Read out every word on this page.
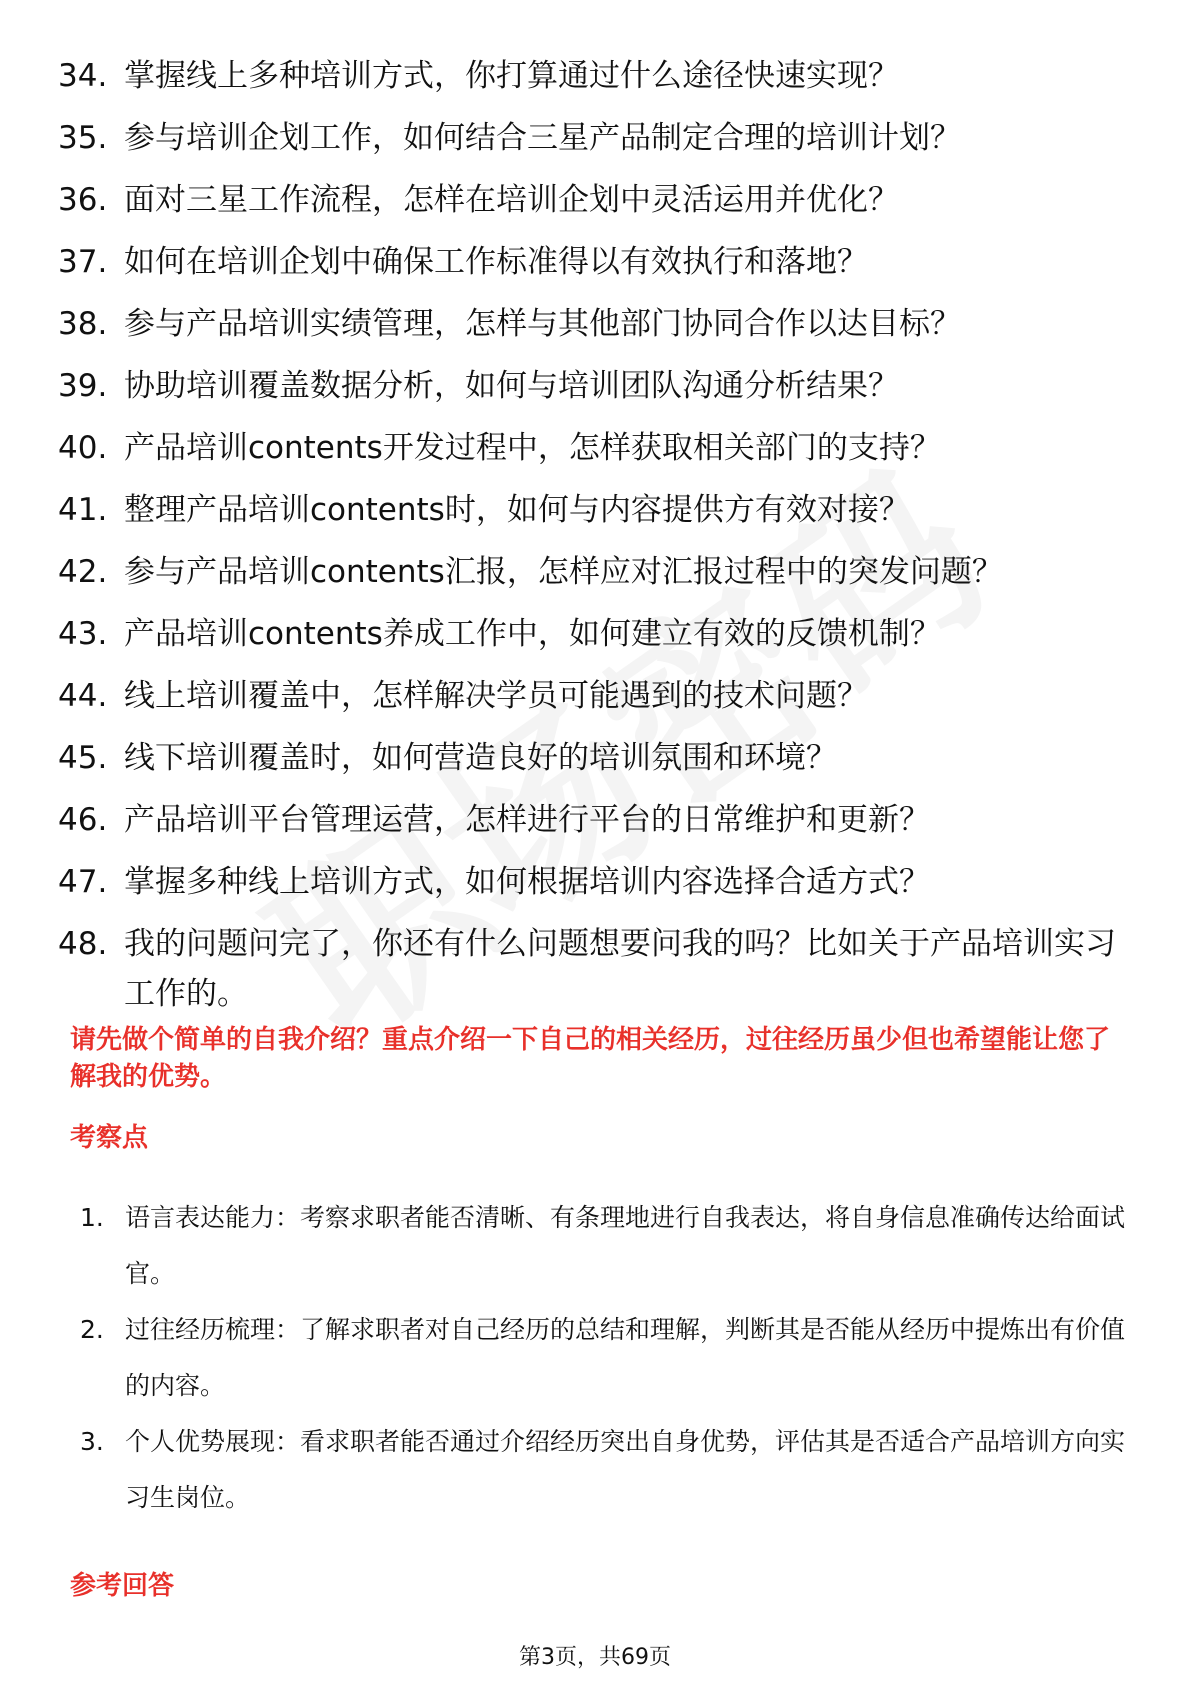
34. 掌握线上多种培训方式，你打算通过什么途径快速实现？
35. 参与培训企划工作，如何结合三星产品制定合理的培训计划？
36. 面对三星工作流程，怎样在培训企划中灵活运用并优化？
37. 如何在培训企划中确保工作标准得以有效执行和落地？
38. 参与产品培训实绩管理，怎样与其他部门协同合作以达目标？
39. 协助培训覆盖数据分析，如何与培训团队沟通分析结果？
40. 产品培训contents开发过程中，怎样获取相关部门的支持？
41. 整理产品培训contents时，如何与内容提供方有效对接？
42. 参与产品培训contents汇报，怎样应对汇报过程中的突发问题？
43. 产品培训contents养成工作中，如何建立有效的反馈机制？
44. 线上培训覆盖中，怎样解决学员可能遇到的技术问题？
45. 线下培训覆盖时，如何营造良好的培训氛围和环境？
46. 产品培训平台管理运营，怎样进行平台的日常维护和更新？
47. 掌握多种线上培训方式，如何根据培训内容选择合适方式？
48. 我的问题问完了，你还有什么问题想要问我的吗？比如关于产品培训实习工作的。
请先做个简单的自我介绍？重点介绍一下自己的相关经历，过往经历虽少但也希望能让您了解我的优势。
考察点
1. 语言表达能力：考察求职者能否清晰、有条理地进行自我表达，将自身信息准确传达给面试官。
2. 过往经历梳理：了解求职者对自己经历的总结和理解，判断其是否能从经历中提炼出有价值的内容。
3. 个人优势展现：看求职者能否通过介绍经历突出自身优势，评估其是否适合产品培训方向实习生岗位。
参考回答
第3页，共69页
